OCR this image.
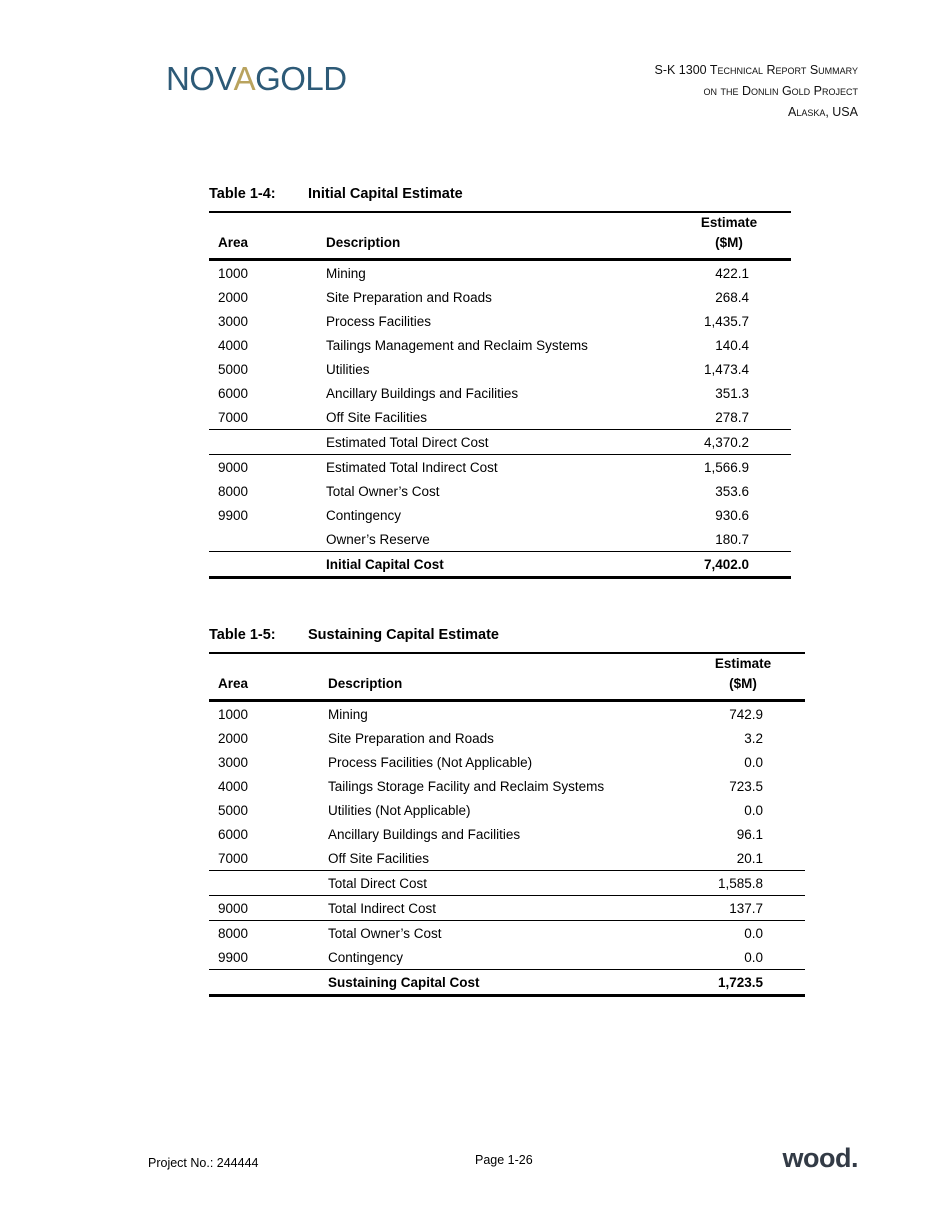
NOVAGOLD	S-K 1300 Technical Report Summary
on the Donlin Gold Project
Alaska, USA
Table 1-4: Initial Capital Estimate
Area	Description	Estimate
($M)
1000	Mining	422.1
2000	Site Preparation and Roads	268.4
3000	Process Facilities	1,435.7
4000	Tailings Management and Reclaim Systems	140.4
5000	Utilities	1,473.4
6000	Ancillary Buildings and Facilities	351.3
7000	Off Site Facilities	278.7
	Estimated Total Direct Cost	4,370.2
9000	Estimated Total Indirect Cost	1,566.9
8000	Total Owner’s Cost	353.6
9900	Contingency	930.6
	Owner’s Reserve	180.7
	Initial Capital Cost	7,402.0
Table 1-5: Sustaining Capital Estimate
Area	Description	Estimate
($M)
1000	Mining	742.9
2000	Site Preparation and Roads	3.2
3000	Process Facilities (Not Applicable)	0.0
4000	Tailings Storage Facility and Reclaim Systems	723.5
5000	Utilities (Not Applicable)	0.0
6000	Ancillary Buildings and Facilities	96.1
7000	Off Site Facilities	20.1
	Total Direct Cost	1,585.8
9000	Total Indirect Cost	137.7
8000	Total Owner’s Cost	0.0
9900	Contingency	0.0
	Sustaining Capital Cost	1,723.5
Project No.: 244444	Page 1-26	wood.
